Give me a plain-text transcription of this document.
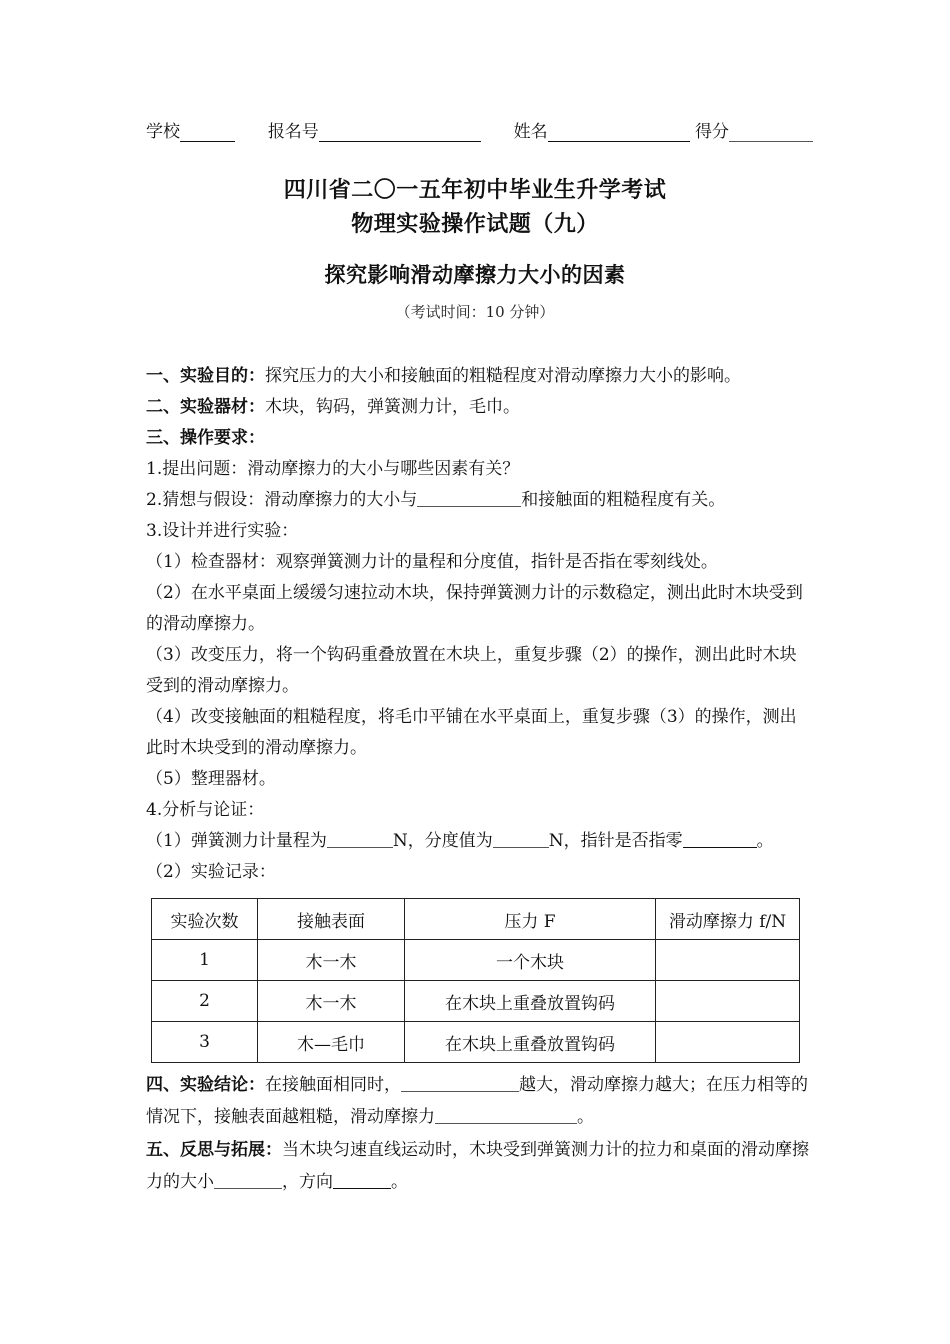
学校	报名号	姓名	得分
四川省二〇一五年初中毕业生升学考试
物理实验操作试题（九）
探究影响滑动摩擦力大小的因素
（考试时间：10 分钟）

一、实验目的：探究压力的大小和接触面的粗糙程度对滑动摩擦力大小的影响。

二、实验器材：木块，钩码，弹簧测力计，毛巾。

三、操作要求：

1.提出问题：滑动摩擦力的大小与哪些因素有关？

2.猜想与假设：滑动摩擦力的大小与	和接触面的粗糙程度有关。

3.设计并进行实验：

（1）检查器材：观察弹簧测力计的量程和分度值，指针是否指在零刻线处。

（2）在水平桌面上缓缓匀速拉动木块，保持弹簧测力计的示数稳定，测出此时木块受到的滑动摩擦力。

（3）改变压力，将一个钩码重叠放置在木块上，重复步骤（2）的操作，测出此时木块受到的滑动摩擦力。

（4）改变接触面的粗糙程度，将毛巾平铺在水平桌面上，重复步骤（3）的操作，测出此时木块受到的滑动摩擦力。

（5）整理器材。

4.分析与论证：

（1）弹簧测力计量程为	N，分度值为	N，指针是否指零	。

（2）实验记录：

实验次数	接触表面	压力 F	滑动摩擦力 f/N
1	木一木	一个木块	
2	木一木	在木块上重叠放置钩码	
3	木—毛巾	在木块上重叠放置钩码	
四、实验结论：在接触面相同时，	越大，滑动摩擦力越大；在压力相等的情况下，接触表面越粗糙，滑动摩擦力	。
五、反思与拓展：当木块匀速直线运动时，木块受到弹簧测力计的拉力和桌面的滑动摩擦力的大小	，方向	。
